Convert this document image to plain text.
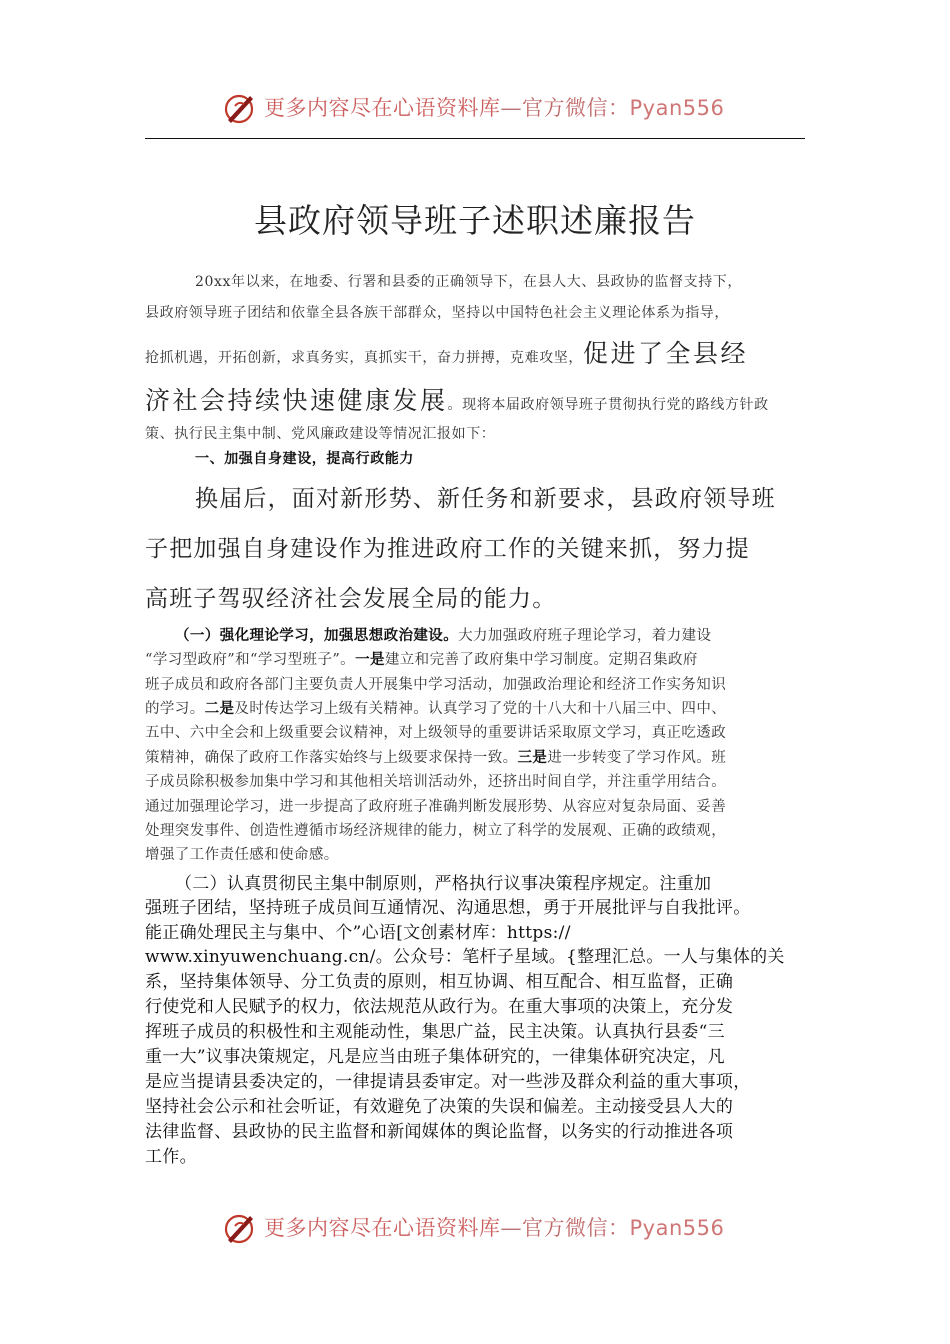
更多内容尽在心语资料库—官方微信：Pyan556
县政府领导班子述职述廉报告
20xx年以来，在地委、行署和县委的正确领导下，在县人大、县政协的监督支持下，
县政府领导班子团结和依靠全县各族干部群众，坚持以中国特色社会主义理论体系为指导，
抢抓机遇，开拓创新，求真务实，真抓实干，奋力拼搏，克难攻坚，促进了全县经
济社会持续快速健康发展。现将本届政府领导班子贯彻执行党的路线方针政
策、执行民主集中制、党风廉政建设等情况汇报如下：
一、加强自身建设，提高行政能力
换届后，面对新形势、新任务和新要求，县政府领导班
子把加强自身建设作为推进政府工作的关键来抓，努力提
高班子驾驭经济社会发展全局的能力。
（一）强化理论学习，加强思想政治建设。大力加强政府班子理论学习，着力建设
“学习型政府”和“学习型班子”。一是建立和完善了政府集中学习制度。定期召集政府
班子成员和政府各部门主要负责人开展集中学习活动，加强政治理论和经济工作实务知识
的学习。二是及时传达学习上级有关精神。认真学习了党的十八大和十八届三中、四中、
五中、六中全会和上级重要会议精神，对上级领导的重要讲话采取原文学习，真正吃透政
策精神，确保了政府工作落实始终与上级要求保持一致。三是进一步转变了学习作风。班
子成员除积极参加集中学习和其他相关培训活动外，还挤出时间自学，并注重学用结合。
通过加强理论学习，进一步提高了政府班子准确判断发展形势、从容应对复杂局面、妥善
处理突发事件、创造性遵循市场经济规律的能力，树立了科学的发展观、正确的政绩观，
增强了工作责任感和使命感。
（二）认真贯彻民主集中制原则，严格执行议事决策程序规定。注重加
强班子团结，坚持班子成员间互通情况、沟通思想，勇于开展批评与自我批评。
能正确处理民主与集中、个”心语[文创素材库：https://
www.xinyuwenchuang.cn/。公众号：笔杆子星域。{整理汇总。一人与集体的关
系，坚持集体领导、分工负责的原则，相互协调、相互配合、相互监督，正确
行使党和人民赋予的权力，依法规范从政行为。在重大事项的决策上，充分发
挥班子成员的积极性和主观能动性，集思广益，民主决策。认真执行县委“三
重一大”议事决策规定，凡是应当由班子集体研究的，一律集体研究决定，凡
是应当提请县委决定的，一律提请县委审定。对一些涉及群众利益的重大事项，
坚持社会公示和社会听证，有效避免了决策的失误和偏差。主动接受县人大的
法律监督、县政协的民主监督和新闻媒体的舆论监督，以务实的行动推进各项
工作。
更多内容尽在心语资料库—官方微信：Pyan556
